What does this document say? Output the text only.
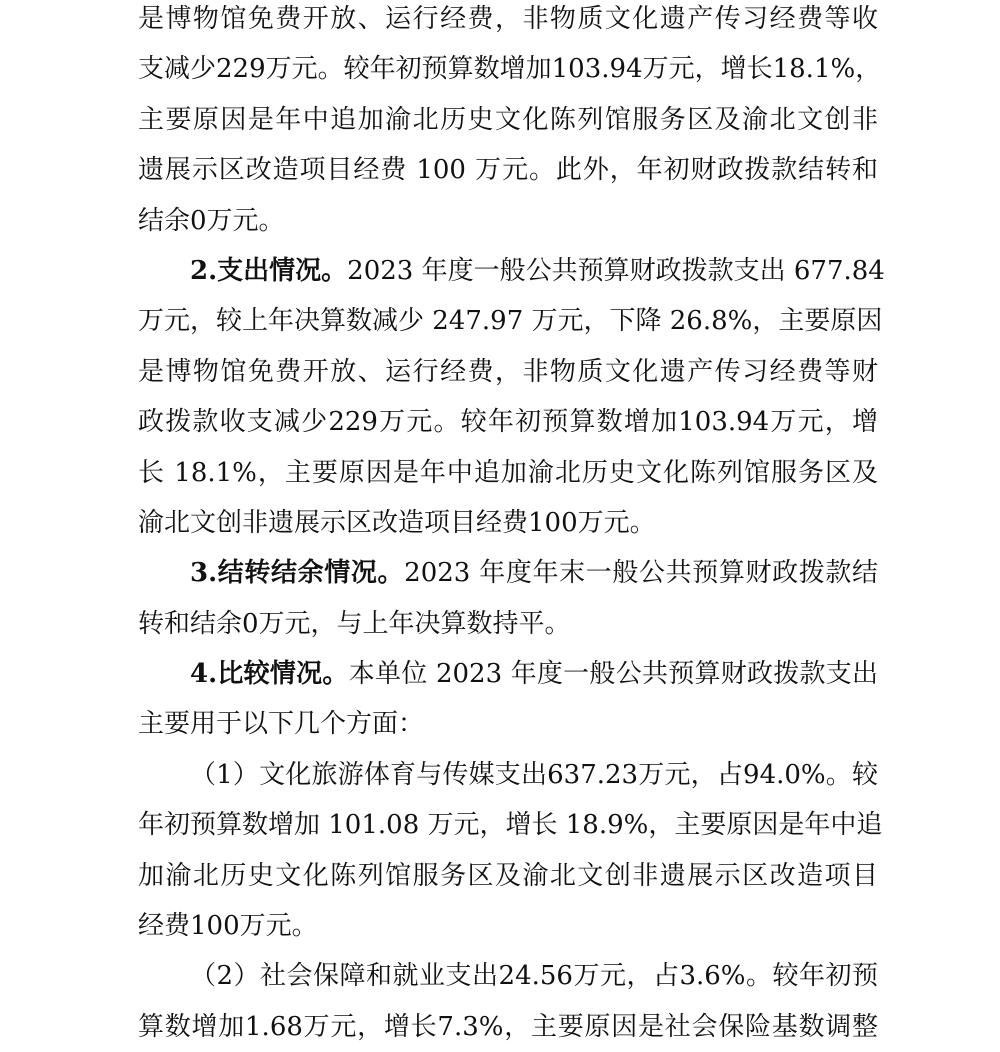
是博物馆免费开放、运行经费，非物质文化遗产传习经费等收
支减少229万元。较年初预算数增加103.94万元，增长18.1%，
主要原因是年中追加渝北历史文化陈列馆服务区及渝北文创非
遗展示区改造项目经费 100 万元。此外，年初财政拨款结转和
结余0万元。
2.支出情况。2023 年度一般公共预算财政拨款支出 677.84
万元，较上年决算数减少 247.97 万元，下降 26.8%，主要原因
是博物馆免费开放、运行经费，非物质文化遗产传习经费等财
政拨款收支减少229万元。较年初预算数增加103.94万元，增
长 18.1%，主要原因是年中追加渝北历史文化陈列馆服务区及
渝北文创非遗展示区改造项目经费100万元。
3.结转结余情况。2023 年度年末一般公共预算财政拨款结
转和结余0万元，与上年决算数持平。
4.比较情况。本单位 2023 年度一般公共预算财政拨款支出
主要用于以下几个方面：
（1）文化旅游体育与传媒支出637.23万元，占94.0%。较
年初预算数增加 101.08 万元，增长 18.9%，主要原因是年中追
加渝北历史文化陈列馆服务区及渝北文创非遗展示区改造项目
经费100万元。
（2）社会保障和就业支出24.56万元，占3.6%。较年初预
算数增加1.68万元，增长7.3%，主要原因是社会保险基数调整
